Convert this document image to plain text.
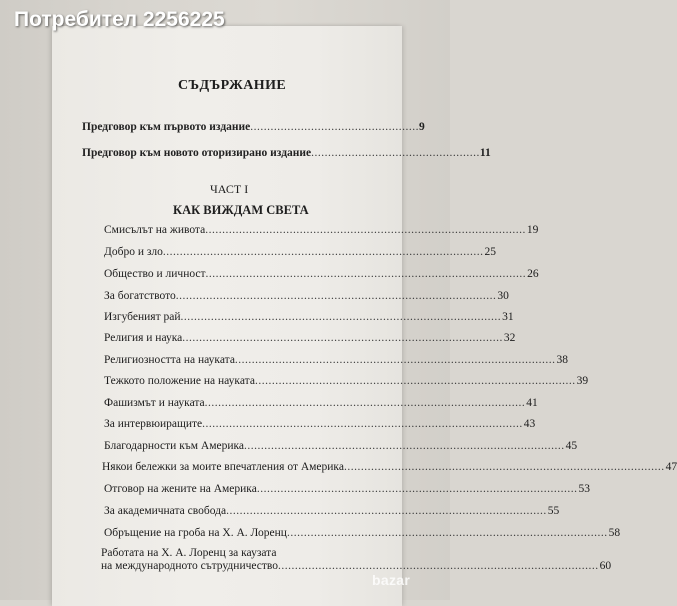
Потребител 2256225
СЪДЪРЖАНИЕ
Предговор към първото издание .................................................. 9
Предговор към новото оторизирано издание .................................................. 11
ЧАСТ I
КАК ВИЖДАМ СВЕТА
Смисълът на живота ............................................................................................... 19
Добро и зло ............................................................................................... 25
Общество и личност ............................................................................................... 26
За богатството ............................................................................................... 30
Изгубеният рай ............................................................................................... 31
Религия и наука ............................................................................................... 32
Религиозността на науката ............................................................................................... 38
Тежкото положение на науката ............................................................................................... 39
Фашизмът и науката ............................................................................................... 41
За интервюиращите ............................................................................................... 43
Благодарности към Америка ............................................................................................... 45
Някои бележки за моите впечатления от Америка ............................................................................................... 47
Отговор на жените на Америка ............................................................................................... 53
За академичната свобода ............................................................................................... 55
Обръщение на гроба на Х. А. Лоренц ............................................................................................... 58
Работата на Х. А. Лоренц за каузата
на международното сътрудничество ............................................................................................... 60
bazar
